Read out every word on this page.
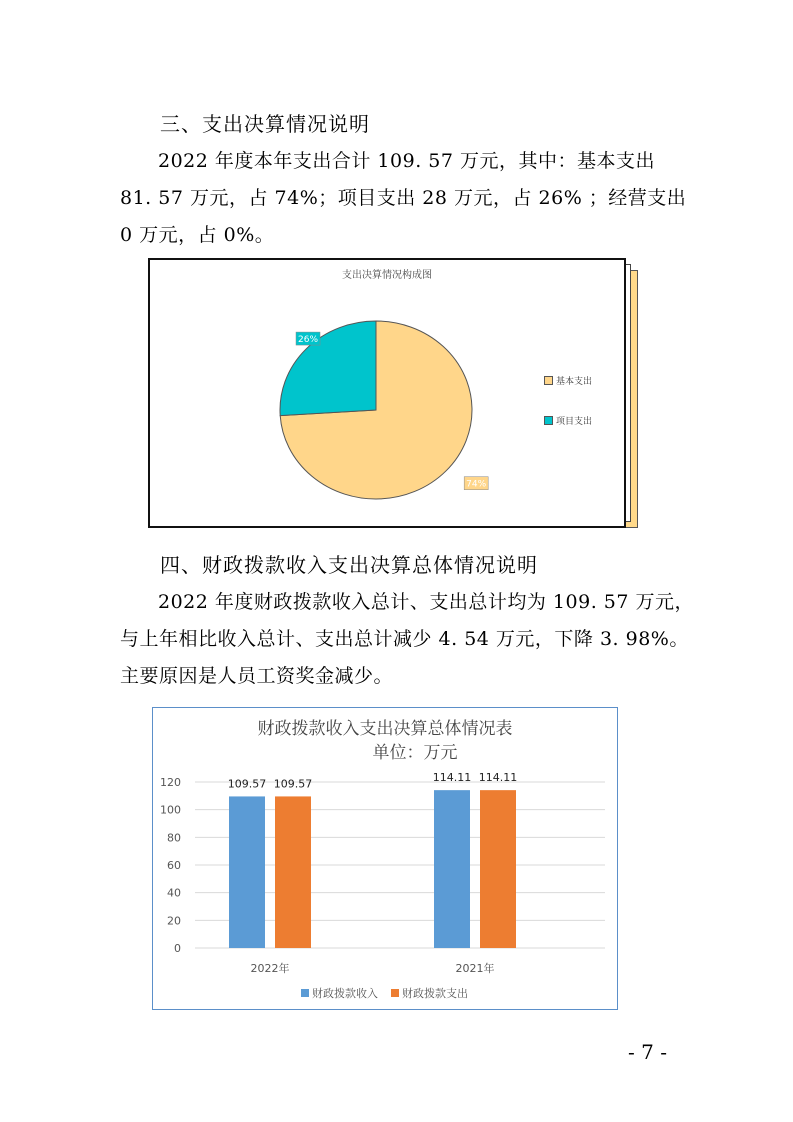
三、支出决算情况说明
2022 年度本年支出合计 109. 57 万元，其中：基本支出
81. 57 万元，占 74%；项目支出 28 万元，占 26% ；经营支出
0 万元，占 0%。
支出决算情况构成图
74%
26%
基本支出
项目支出
四、财政拨款收入支出决算总体情况说明
2022 年度财政拨款收入总计、支出总计均为 109. 57 万元，
与上年相比收入总计、支出总计减少 4. 54 万元，下降 3. 98%。
主要原因是人员工资奖金减少。
财政拨款收入支出决算总体情况表
单位：万元
0
20
40
60
80
100
120	109.57 109.57
2022年
114.11 114.11
2021年
财政拨款收入 财政拨款支出
- 7 -
